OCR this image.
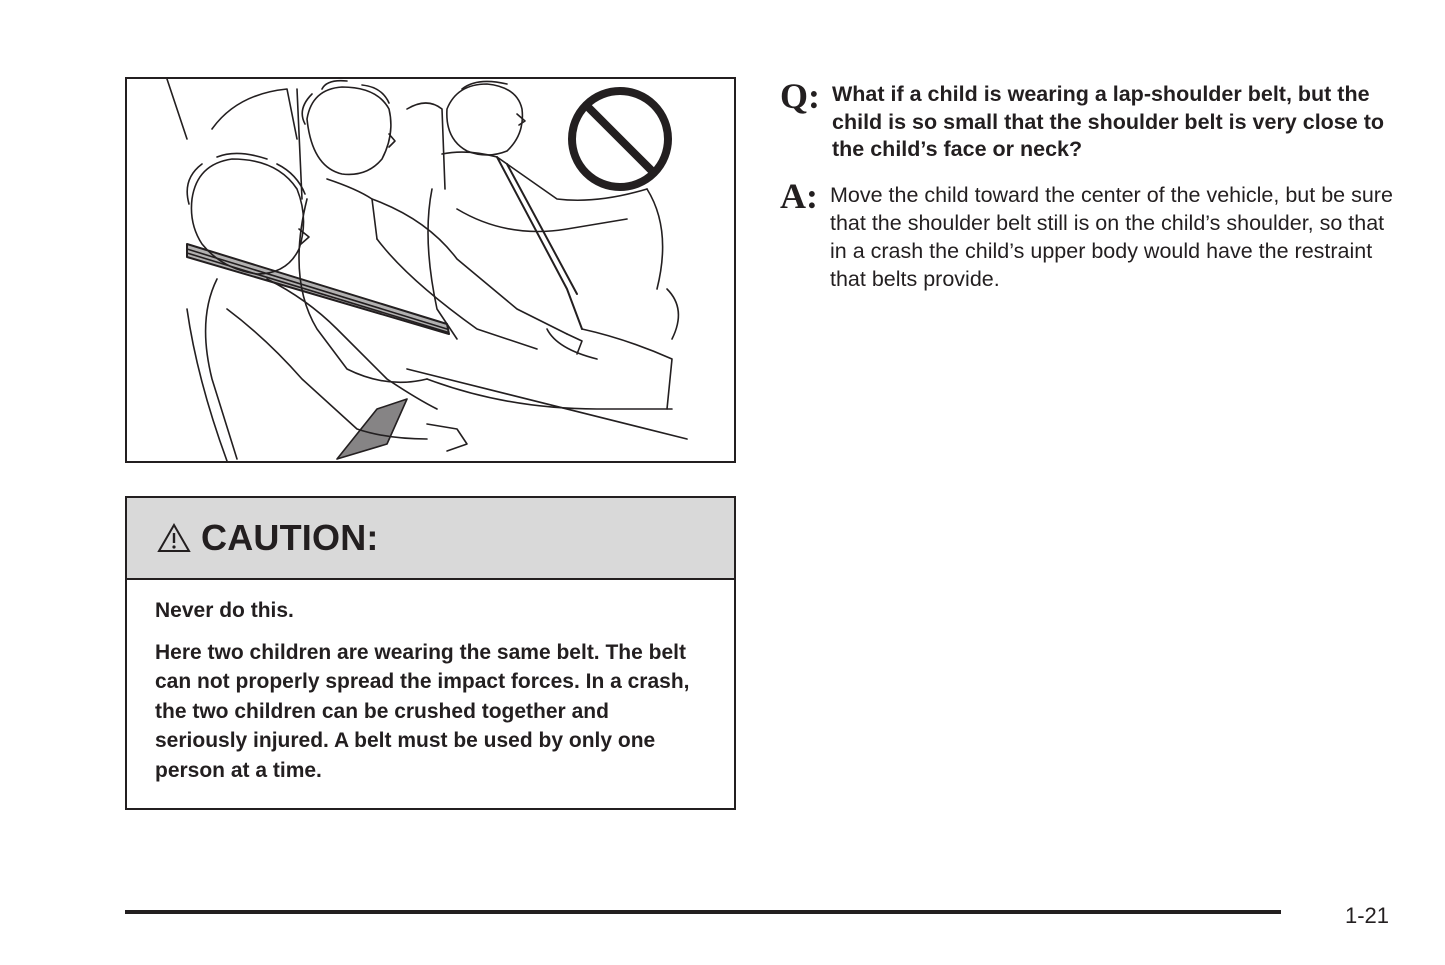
CAUTION:

Never do this.

Here two children are wearing the same belt. The belt can not properly spread the impact forces. In a crash, the two children can be crushed together and seriously injured. A belt must be used by only one person at a time.

Q: What if a child is wearing a lap-shoulder belt, but the child is so small that the shoulder belt is very close to the child’s face or neck?
A: Move the child toward the center of the vehicle, but be sure that the shoulder belt still is on the child’s shoulder, so that in a crash the child’s upper body would have the restraint that belts provide.
1-21
